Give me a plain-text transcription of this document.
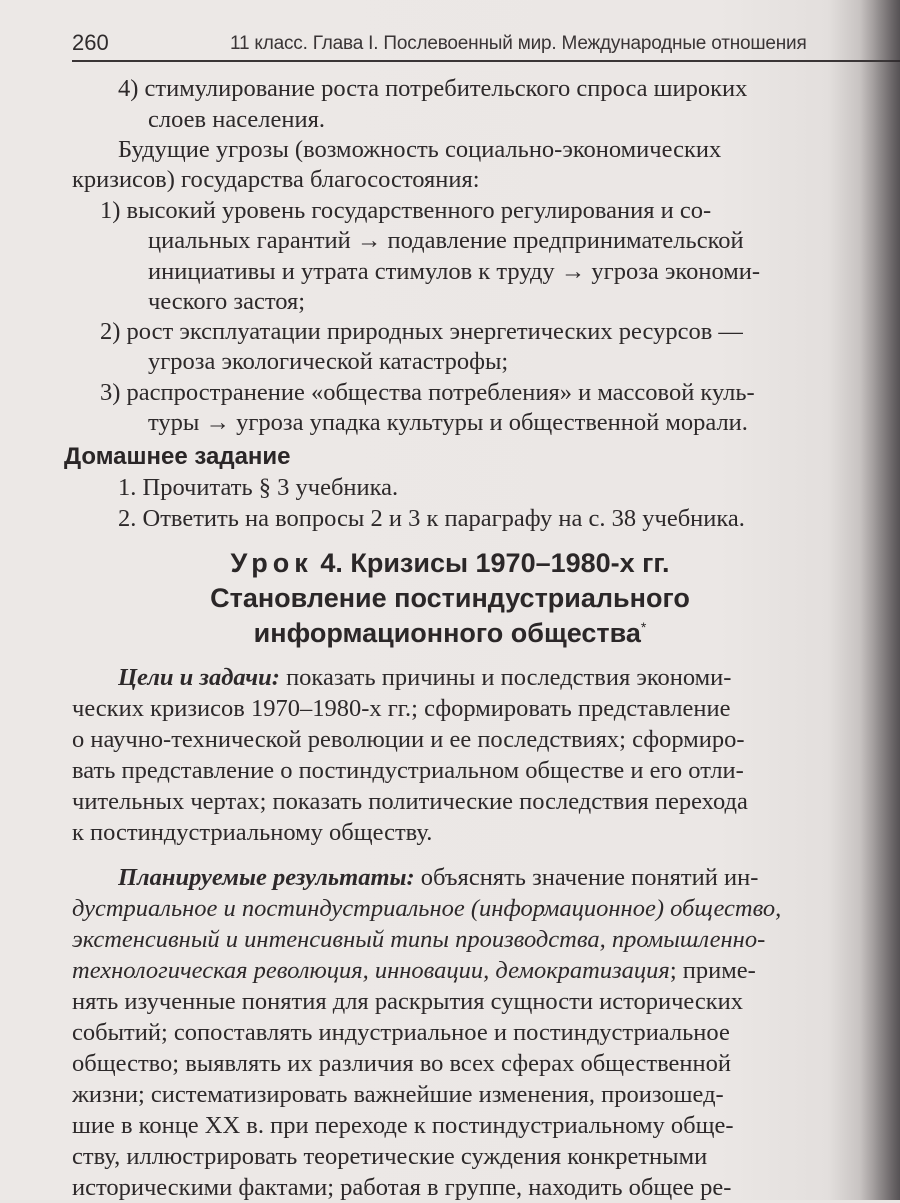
260	11 класс. Глава I. Послевоенный мир. Международные отношения
4) стимулирование роста потребительского спроса широких
слоев населения.
Будущие угрозы (возможность социально-экономических
кризисов) государства благосостояния:
1) высокий уровень государственного регулирования и со-
циальных гарантий → подавление предпринимательской
инициативы и утрата стимулов к труду → угроза экономи-
ческого застоя;
2) рост эксплуатации природных энергетических ресурсов —
угроза экологической катастрофы;
3) распространение «общества потребления» и массовой куль-
туры → угроза упадка культуры и общественной морали.
Домашнее задание
1. Прочитать § 3 учебника.
2. Ответить на вопросы 2 и 3 к параграфу на с. 38 учебника.
Урок 4. Кризисы 1970–1980-х гг.
Становление постиндустриального
информационного общества*
Цели и задачи: показать причины и последствия экономи-
ческих кризисов 1970–1980-х гг.; сформировать представление
о научно-технической революции и ее последствиях; сформиро-
вать представление о постиндустриальном обществе и его отли-
чительных чертах; показать политические последствия перехода
к постиндустриальному обществу.
Планируемые результаты: объяснять значение понятий ин-
дустриальное и постиндустриальное (информационное) общество,
экстенсивный и интенсивный типы производства, промышленно-
технологическая революция, инновации, демократизация; приме-
нять изученные понятия для раскрытия сущности исторических
событий; сопоставлять индустриальное и постиндустриальное
общество; выявлять их различия во всех сферах общественной
жизни; систематизировать важнейшие изменения, произошед-
шие в конце XX в. при переходе к постиндустриальному обще-
ству, иллюстрировать теоретические суждения конкретными
историческими фактами; работая в группе, находить общее ре-
